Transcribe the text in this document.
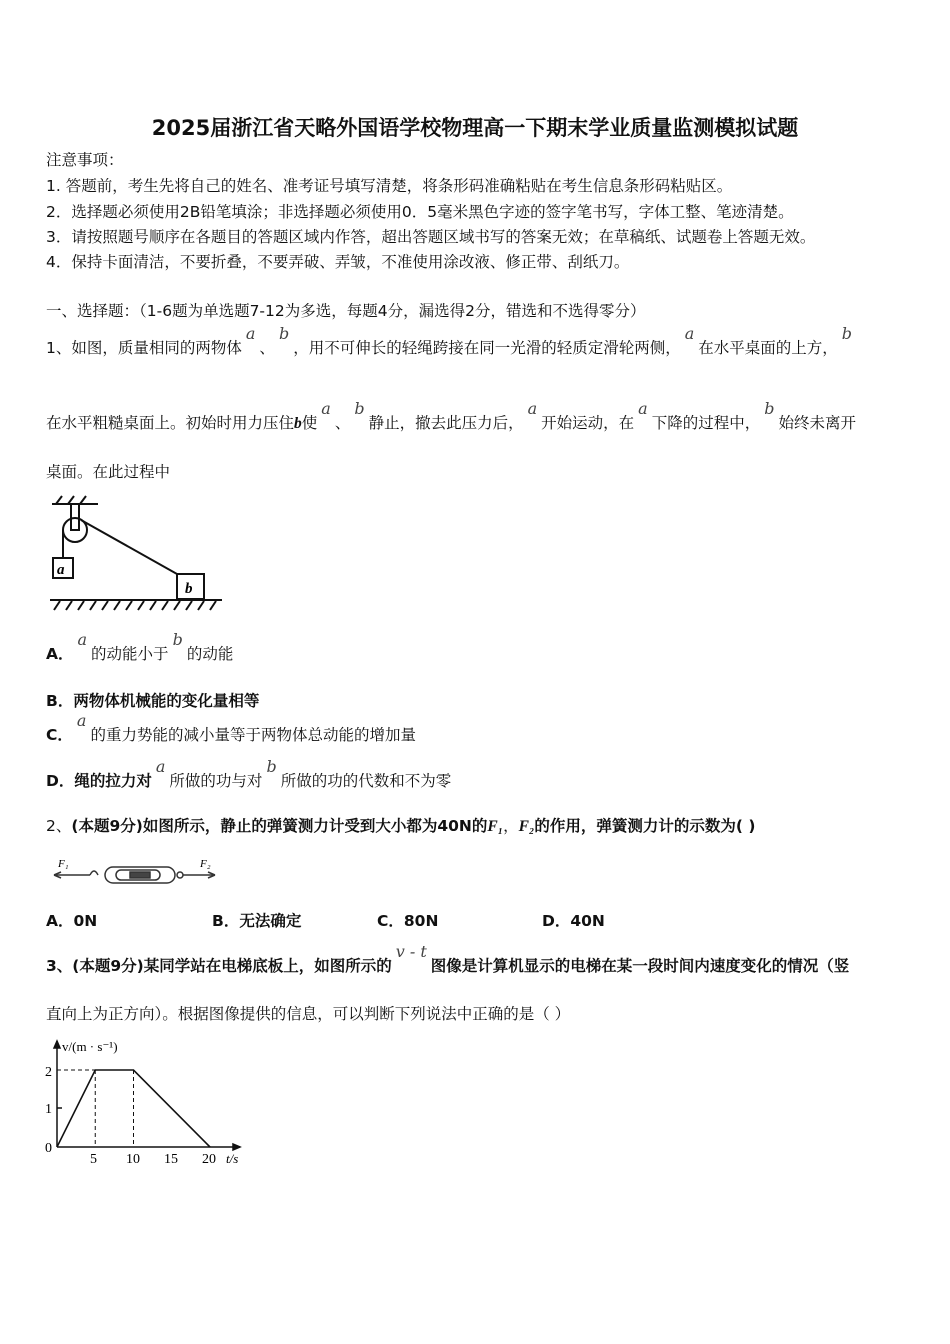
2025届浙江省天略外国语学校物理高一下期末学业质量监测模拟试题
注意事项：
1. 答题前，考生先将自己的姓名、准考证号填写清楚，将条形码准确粘贴在考生信息条形码粘贴区。
2．选择题必须使用2B铅笔填涂；非选择题必须使用0．5毫米黑色字迹的签字笔书写，字体工整、笔迹清楚。
3．请按照题号顺序在各题目的答题区域内作答，超出答题区域书写的答案无效；在草稿纸、试题卷上答题无效。
4．保持卡面清洁，不要折叠，不要弄破、弄皱，不准使用涂改液、修正带、刮纸刀。
一、选择题：（1-6题为单选题7-12为多选，每题4分，漏选得2分，错选和不选得零分）
1、如图，质量相同的两物体a、b，用不可伸长的轻绳跨接在同一光滑的轻质定滑轮两侧，a在水平桌面的上方，b
在水平粗糙桌面上。初始时用力压住b使a、b静止，撤去此压力后，a开始运动，在a下降的过程中，b始终未离开
桌面。在此过程中
a
b
A．a的动能小于b的动能
B．两物体机械能的变化量相等
C．a的重力势能的减小量等于两物体总动能的增加量
D．绳的拉力对a所做的功与对b所做的功的代数和不为零
2、(本题9分)如图所示，静止的弹簧测力计受到大小都为40N的F₁，F₂的作用，弹簧测力计的示数为( )
F₁	F₂
A．0N	B．无法确定	C．80N	D．40N
3、(本题9分)某同学站在电梯底板上，如图所示的v - t图像是计算机显示的电梯在某一段时间内速度变化的情况（竖
直向上为正方向）。根据图像提供的信息，可以判断下列说法中正确的是（ ）
v/(m · s⁻¹)
t/s
0
1
2
5 10 15 20
